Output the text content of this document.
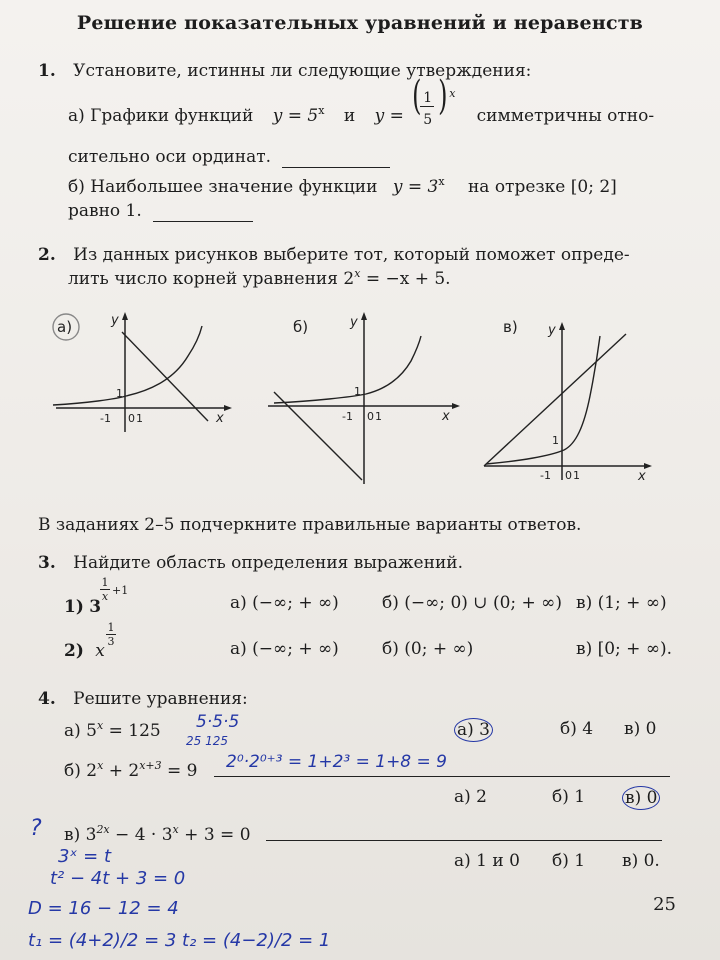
Решение показательных уравнений и неравенств
1. Установите, истинны ли следующие утверждения:
а) Графики функций $y = 5^x$ и y = ( 1
5
) x
симметричны отно-
сительно оси ординат.
б) Наибольшее значение функции $y = 3^x$ на отрезке [0; 2]
равно 1.
2. Из данных рисунков выберите тот, который поможет опреде-
лить число корней уравнения $2^x = -x + 5$.
а)	y
x
1
-1 0 1
б)	y
x
1
-1 0 1
в) y
x
1
-1 0 1
В заданиях 2–5 подчеркните правильные варианты ответов.
3. Найдите область определения выражений.
1) 3
$\frac{1}{x} +1$
а) (−∞; + ∞)	б) (−∞; 0) ∪ (0; + ∞) в) (1; + ∞)
2) x
$\frac{1}{3}$
а) (−∞; + ∞)	б) (0; + ∞)	в) [0; + ∞).
4. Решите уравнения:
а) $5^x = 125$ 5·5·5
25 125
а) 3	б) 4 в) 0
б) $2^x + 2^{x+3} = 9$ 2⁰·2⁰⁺³ = 1+2³ = 1+8 = 9
а) 2	б) 1 в) 0
? в) $3^{2x} - 4 \cdot 3^x + 3 = 0$
а) 1 и 0 б) 1 в) 0.
3ˣ = t
t² − 4t + 3 = 0
D = 16 − 12 = 4
t₁ = (4+2)/2 = 3 t₂ = (4−2)/2 = 1
25
